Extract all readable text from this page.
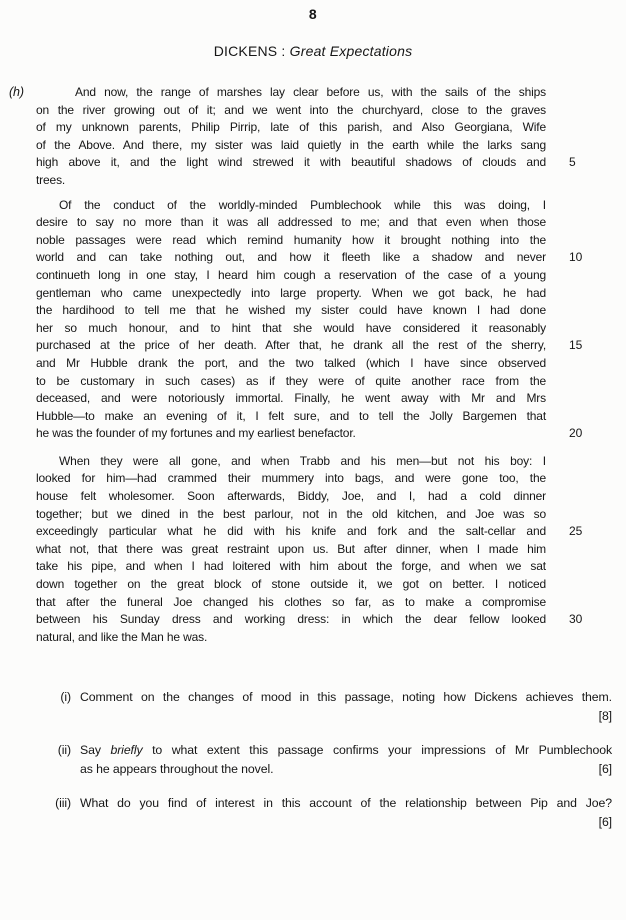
8
DICKENS : Great Expectations
(h)	And now, the range of marshes lay clear before us, with the sails of the ships
on the river growing out of it; and we went into the churchyard, close to the graves
of my unknown parents, Philip Pirrip, late of this parish, and Also Georgiana, Wife
of the Above. And there, my sister was laid quietly in the earth while the larks sang
high above it, and the light wind strewed it with beautiful shadows of clouds and 5
trees.
Of the conduct of the worldly-minded Pumblechook while this was doing, I
desire to say no more than it was all addressed to me; and that even when those
noble passages were read which remind humanity how it brought nothing into the
world and can take nothing out, and how it fleeth like a shadow and never 10
continueth long in one stay, I heard him cough a reservation of the case of a young
gentleman who came unexpectedly into large property. When we got back, he had
the hardihood to tell me that he wished my sister could have known I had done
her so much honour, and to hint that she would have considered it reasonably
purchased at the price of her death. After that, he drank all the rest of the sherry, 15
and Mr Hubble drank the port, and the two talked (which I have since observed
to be customary in such cases) as if they were of quite another race from the
deceased, and were notoriously immortal. Finally, he went away with Mr and Mrs
Hubble—to make an evening of it, I felt sure, and to tell the Jolly Bargemen that
he was the founder of my fortunes and my earliest benefactor.	20
When they were all gone, and when Trabb and his men—but not his boy: I
looked for him—had crammed their mummery into bags, and were gone too, the
house felt wholesomer. Soon afterwards, Biddy, Joe, and I, had a cold dinner
together; but we dined in the best parlour, not in the old kitchen, and Joe was so
exceedingly particular what he did with his knife and fork and the salt-cellar and 25
what not, that there was great restraint upon us. But after dinner, when I made him
take his pipe, and when I had loitered with him about the forge, and when we sat
down together on the great block of stone outside it, we got on better. I noticed
that after the funeral Joe changed his clothes so far, as to make a compromise
between his Sunday dress and working dress: in which the dear fellow looked 30
natural, and like the Man he was.
(i) Comment on the changes of mood in this passage, noting how Dickens achieves them.
[8]
(ii) Say briefly to what extent this passage confirms your impressions of Mr Pumblechook
as he appears throughout the novel.	[6]
(iii) What do you find of interest in this account of the relationship between Pip and Joe?
[6]
